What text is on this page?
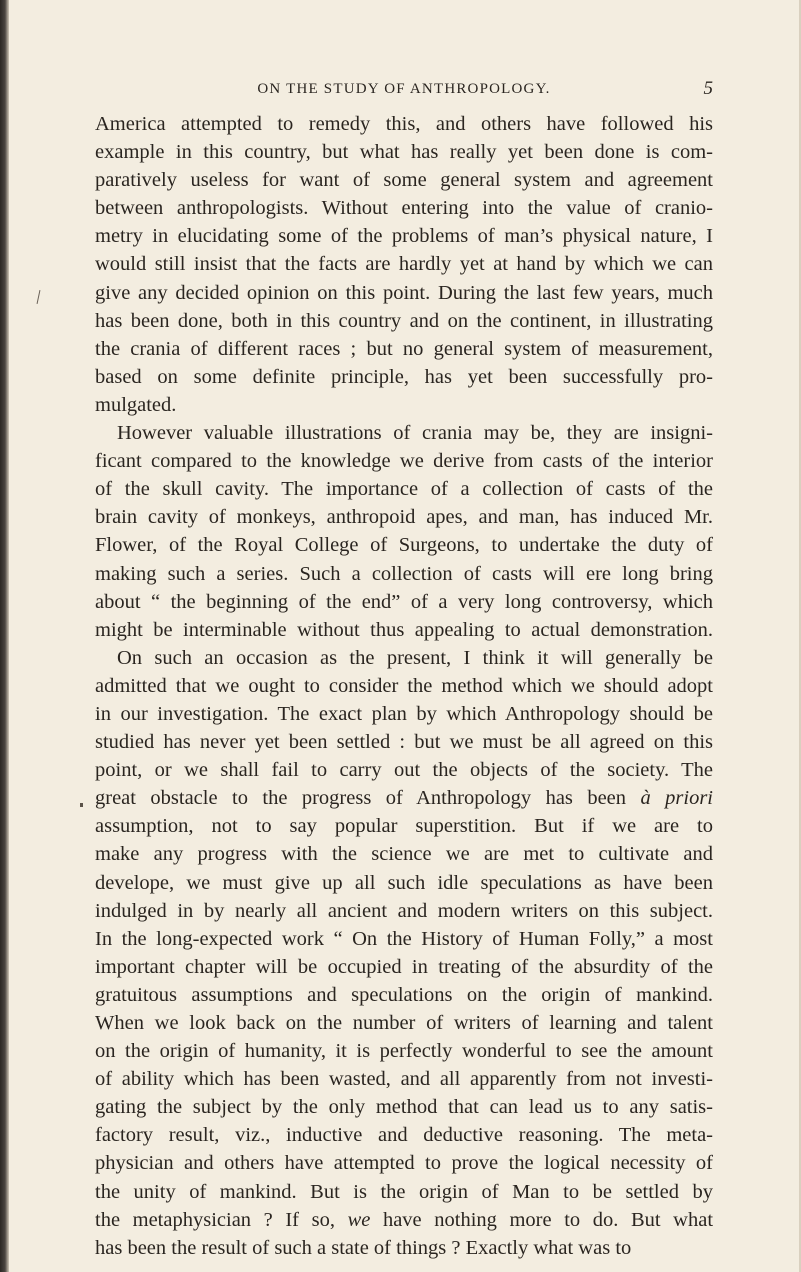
ON THE STUDY OF ANTHROPOLOGY.	5
America attempted to remedy this, and others have followed his
example in this country, but what has really yet been done is com-
paratively useless for want of some general system and agreement
between anthropologists. Without entering into the value of cranio-
metry in elucidating some of the problems of man’s physical nature, I
would still insist that the facts are hardly yet at hand by which we can
give any decided opinion on this point. During the last few years, much
has been done, both in this country and on the continent, in illustrating
the crania of different races ; but no general system of measurement,
based on some definite principle, has yet been successfully pro-
mulgated.
However valuable illustrations of crania may be, they are insigni-
ficant compared to the knowledge we derive from casts of the interior
of the skull cavity. The importance of a collection of casts of the
brain cavity of monkeys, anthropoid apes, and man, has induced Mr.
Flower, of the Royal College of Surgeons, to undertake the duty of
making such a series. Such a collection of casts will ere long bring
about “ the beginning of the end” of a very long controversy, which
might be interminable without thus appealing to actual demonstration.
On such an occasion as the present, I think it will generally be
admitted that we ought to consider the method which we should adopt
in our investigation. The exact plan by which Anthropology should be
studied has never yet been settled : but we must be all agreed on this
point, or we shall fail to carry out the objects of the society. The
great obstacle to the progress of Anthropology has been à priori
assumption, not to say popular superstition. But if we are to
make any progress with the science we are met to cultivate and
develope, we must give up all such idle speculations as have been
indulged in by nearly all ancient and modern writers on this subject.
In the long-expected work “ On the History of Human Folly,” a most
important chapter will be occupied in treating of the absurdity of the
gratuitous assumptions and speculations on the origin of mankind.
When we look back on the number of writers of learning and talent
on the origin of humanity, it is perfectly wonderful to see the amount
of ability which has been wasted, and all apparently from not investi-
gating the subject by the only method that can lead us to any satis-
factory result, viz., inductive and deductive reasoning. The meta-
physician and others have attempted to prove the logical necessity of
the unity of mankind. But is the origin of Man to be settled by
the metaphysician ? If so, we have nothing more to do. But what
has been the result of such a state of things ? Exactly what was to
